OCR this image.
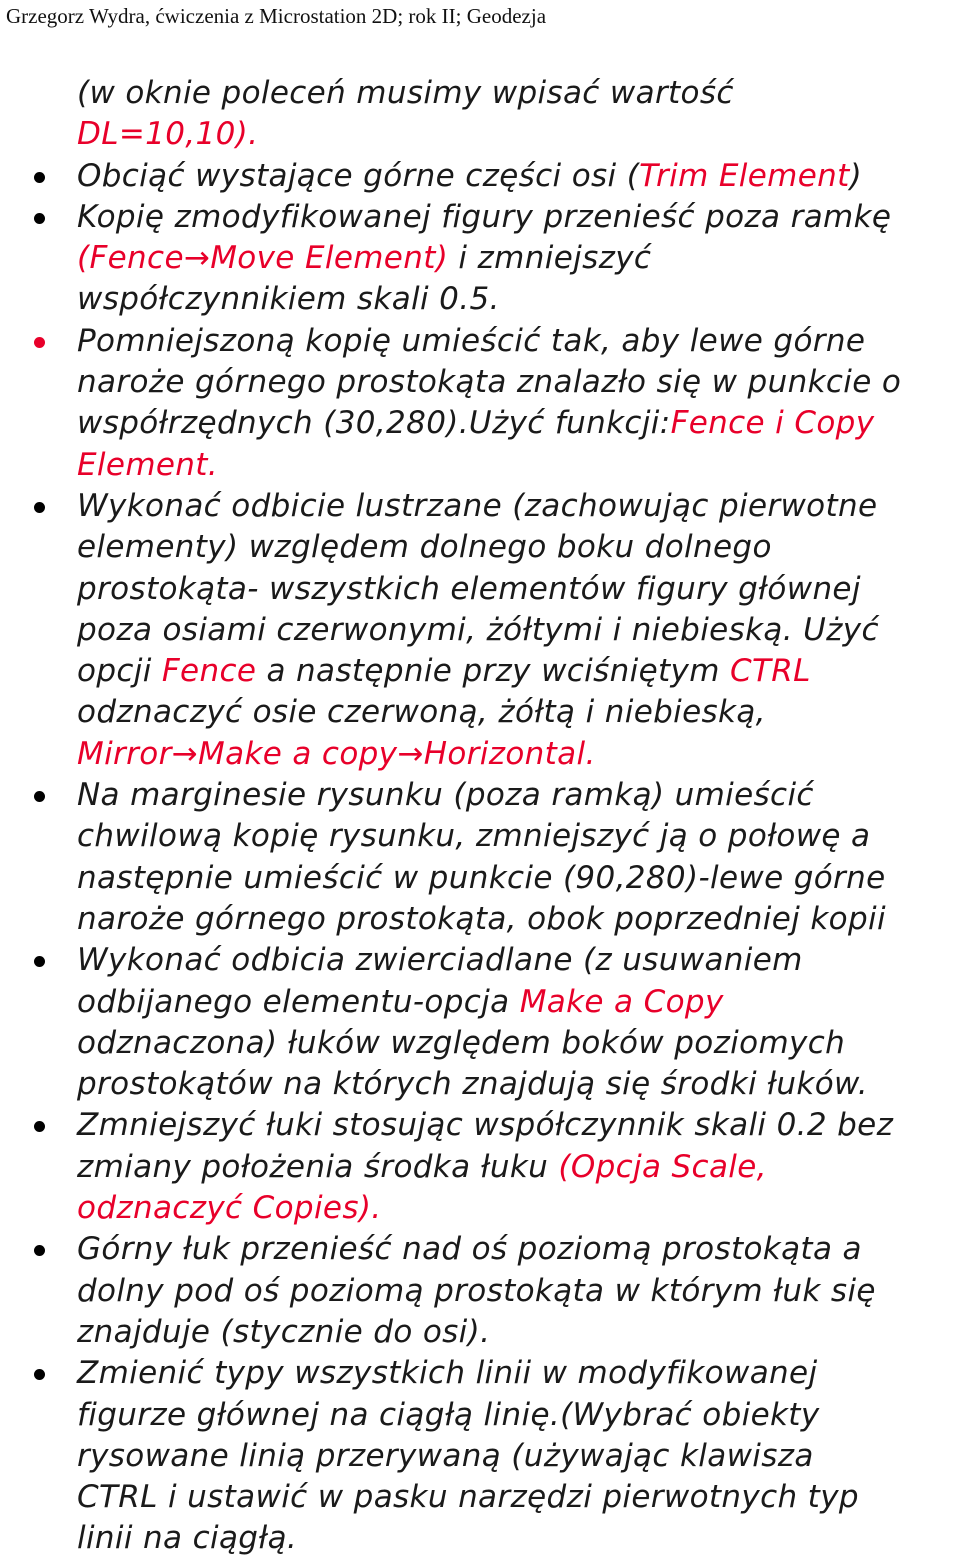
Grzegorz Wydra, ćwiczenia z Microstation 2D; rok II; Geodezja
(w oknie poleceń musimy wpisać wartość
DL=10,10).
Obciąć wystające górne części osi (Trim Element)
Kopię zmodyfikowanej figury przenieść poza ramkę
(Fence→Move Element) i zmniejszyć
współczynnikiem skali 0.5.
Pomniejszoną kopię umieścić tak, aby lewe górne
naroże górnego prostokąta znalazło się w punkcie o
współrzędnych (30,280).Użyć funkcji:Fence i Copy
Element.
Wykonać odbicie lustrzane (zachowując pierwotne
elementy) względem dolnego boku dolnego
prostokąta- wszystkich elementów figury głównej
poza osiami czerwonymi, żółtymi i niebieską. Użyć
opcji Fence a następnie przy wciśniętym CTRL
odznaczyć osie czerwoną, żółtą i niebieską,
Mirror→Make a copy→Horizontal.
Na marginesie rysunku (poza ramką) umieścić
chwilową kopię rysunku, zmniejszyć ją o połowę a
następnie umieścić w punkcie (90,280)-lewe górne
naroże górnego prostokąta, obok poprzedniej kopii
Wykonać odbicia zwierciadlane (z usuwaniem
odbijanego elementu-opcja Make a Copy
odznaczona) łuków względem boków poziomych
prostokątów na których znajdują się środki łuków.
Zmniejszyć łuki stosując współczynnik skali 0.2 bez
zmiany położenia środka łuku (Opcja Scale,
odznaczyć Copies).
Górny łuk przenieść nad oś poziomą prostokąta a
dolny pod oś poziomą prostokąta w którym łuk się
znajduje (stycznie do osi).
Zmienić typy wszystkich linii w modyfikowanej
figurze głównej na ciągłą linię.(Wybrać obiekty
rysowane linią przerywaną (używając klawisza
CTRL i ustawić w pasku narzędzi pierwotnych typ
linii na ciągłą.
